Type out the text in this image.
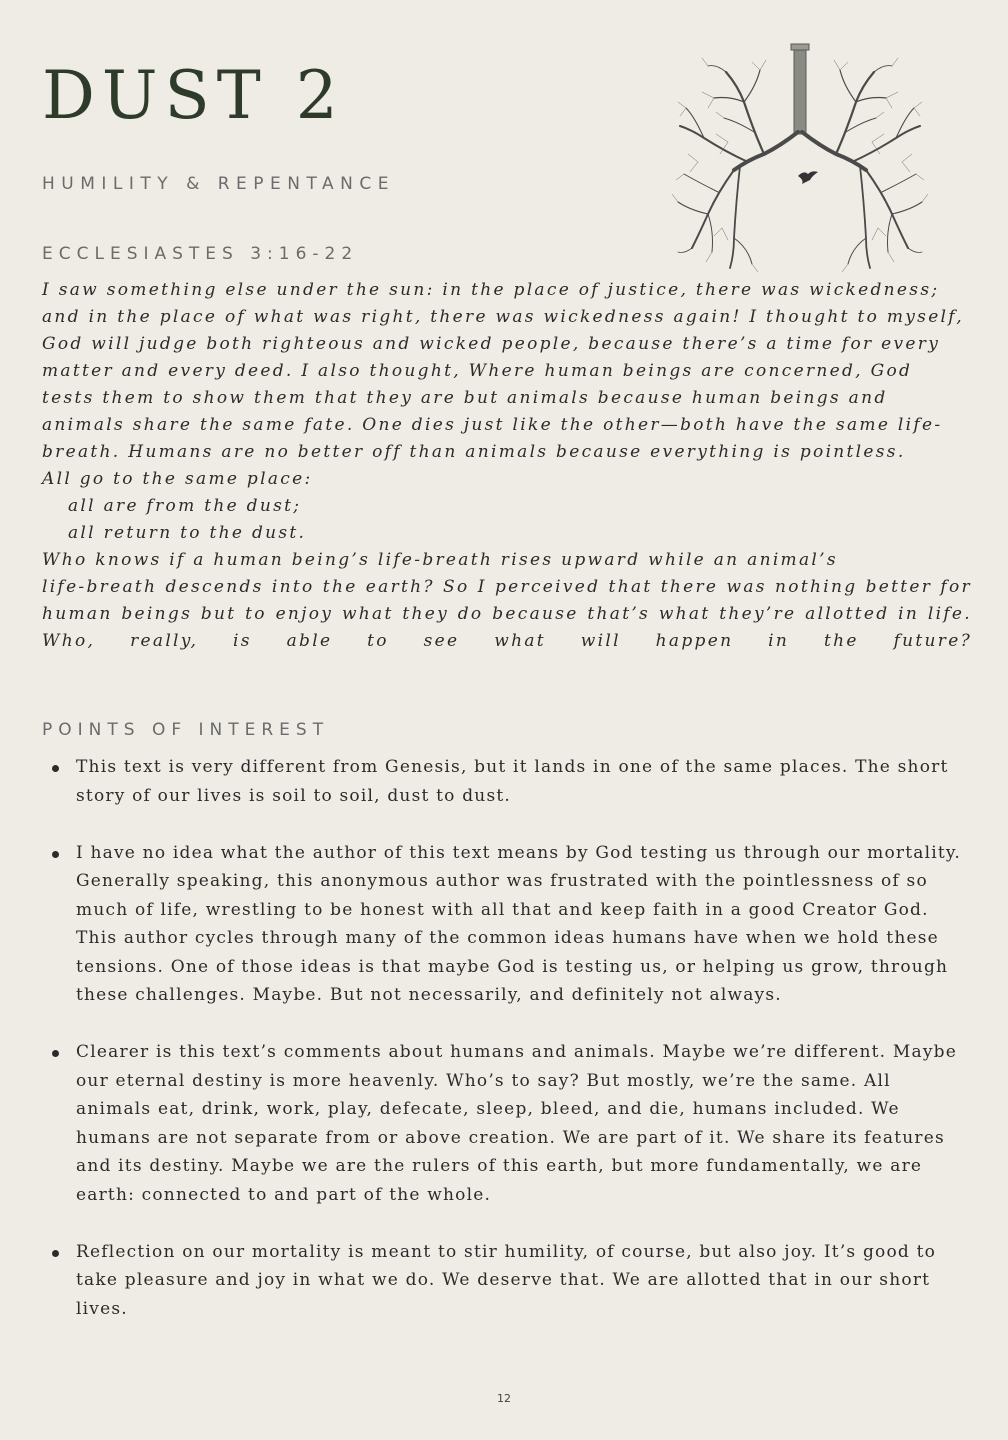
DUST 2
HUMILITY & REPENTANCE
ECCLESIASTES 3:16-22

I saw something else under the sun: in the place of justice, there was wickedness; and in the place of what was right, there was wickedness again! I thought to myself, God will judge both righteous and wicked people, because there’s a time for every matter and every deed. I also thought, Where human beings are concerned, God tests them to show them that they are but animals because human beings and animals share the same fate. One dies just like the other—both have the same life-breath. Humans are no better off than animals because everything is pointless.

All go to the same place:

all are from the dust;

all return to the dust.

Who knows if a human being’s life-breath rises upward while an animal’s

life-breath descends into the earth? So I perceived that there was nothing better for human beings but to enjoy what they do because that’s what they’re allotted in life. Who, really, is able to see what will happen in the future?

POINTS OF INTEREST
This text is very different from Genesis, but it lands in one of the same places. The short story of our lives is soil to soil, dust to dust.
I have no idea what the author of this text means by God testing us through our mortality. Generally speaking, this anonymous author was frustrated with the pointlessness of so much of life, wrestling to be honest with all that and keep faith in a good Creator God. This author cycles through many of the common ideas humans have when we hold these tensions. One of those ideas is that maybe God is testing us, or helping us grow, through these challenges. Maybe. But not necessarily, and definitely not always.
Clearer is this text’s comments about humans and animals. Maybe we’re different. Maybe our eternal destiny is more heavenly. Who’s to say? But mostly, we’re the same. All animals eat, drink, work, play, defecate, sleep, bleed, and die, humans included. We humans are not separate from or above creation. We are part of it. We share its features and its destiny. Maybe we are the rulers of this earth, but more fundamentally, we are earth: connected to and part of the whole.
Reflection on our mortality is meant to stir humility, of course, but also joy. It’s good to take pleasure and joy in what we do. We deserve that. We are allotted that in our short lives.
12
